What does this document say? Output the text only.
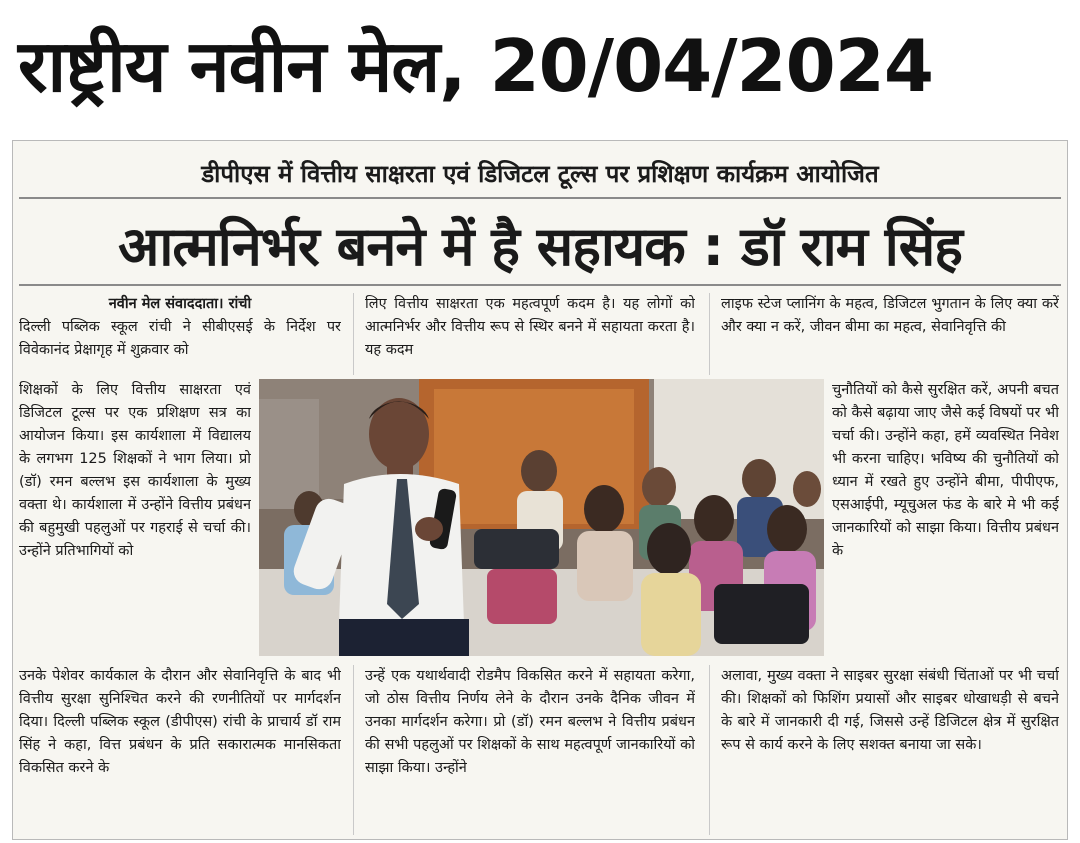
राष्ट्रीय नवीन मेल, 20/04/2024
डीपीएस में वित्तीय साक्षरता एवं डिजिटल टूल्स पर प्रशिक्षण कार्यक्रम आयोजित
आत्मनिर्भर बनने में है सहायक : डॉ राम सिंह

नवीन मेल संवाददाता। रांची

दिल्ली पब्लिक स्कूल रांची ने सीबीएसई के निर्देश पर विवेकानंद प्रेक्षागृह में शुक्रवार को

शिक्षकों के लिए वित्तीय साक्षरता एवं डिजिटल टूल्स पर एक प्रशिक्षण सत्र का आयोजन किया। इस कार्यशाला में विद्यालय के लगभग 125 शिक्षकों ने भाग लिया। प्रो (डॉ) रमन बल्लभ इस कार्यशाला के मुख्य वक्ता थे। कार्यशाला में उन्होंने वित्तीय प्रबंधन की बहुमुखी पहलुओं पर गहराई से चर्चा की। उन्होंने प्रतिभागियों को
उनके पेशेवर कार्यकाल के दौरान और सेवानिवृत्ति के बाद भी वित्तीय सुरक्षा सुनिश्चित करने की रणनीतियों पर मार्गदर्शन दिया। दिल्ली पब्लिक स्कूल (डीपीएस) रांची के प्राचार्य डॉ राम सिंह ने कहा, वित्त प्रबंधन के प्रति सकारात्मक मानसिकता विकसित करने के
लिए वित्तीय साक्षरता एक महत्वपूर्ण कदम है। यह लोगों को आत्मनिर्भर और वित्तीय रूप से स्थिर बनने में सहायता करता है। यह कदम
उन्हें एक यथार्थवादी रोडमैप विकसित करने में सहायता करेगा, जो ठोस वित्तीय निर्णय लेने के दौरान उनके दैनिक जीवन में उनका मार्गदर्शन करेगा। प्रो (डॉ) रमन बल्लभ ने वित्तीय प्रबंधन की सभी पहलुओं पर शिक्षकों के साथ महत्वपूर्ण जानकारियों को साझा किया। उन्होंने
लाइफ स्टेज प्लानिंग के महत्व, डिजिटल भुगतान के लिए क्या करें और क्या न करें, जीवन बीमा का महत्व, सेवानिवृत्ति की
चुनौतियों को कैसे सुरक्षित करें, अपनी बचत को कैसे बढ़ाया जाए जैसे कई विषयों पर भी चर्चा की। उन्होंने कहा, हमें व्यवस्थित निवेश भी करना चाहिए। भविष्य की चुनौतियों को ध्यान में रखते हुए उन्होंने बीमा, पीपीएफ, एसआईपी, म्यूचुअल फंड के बारे मे भी कई जानकारियों को साझा किया। वित्तीय प्रबंधन के
अलावा, मुख्य वक्ता ने साइबर सुरक्षा संबंधी चिंताओं पर भी चर्चा की। शिक्षकों को फिशिंग प्रयासों और साइबर धोखाधड़ी से बचने के बारे में जानकारी दी गई, जिससे उन्हें डिजिटल क्षेत्र में सुरक्षित रूप से कार्य करने के लिए सशक्त बनाया जा सके।
